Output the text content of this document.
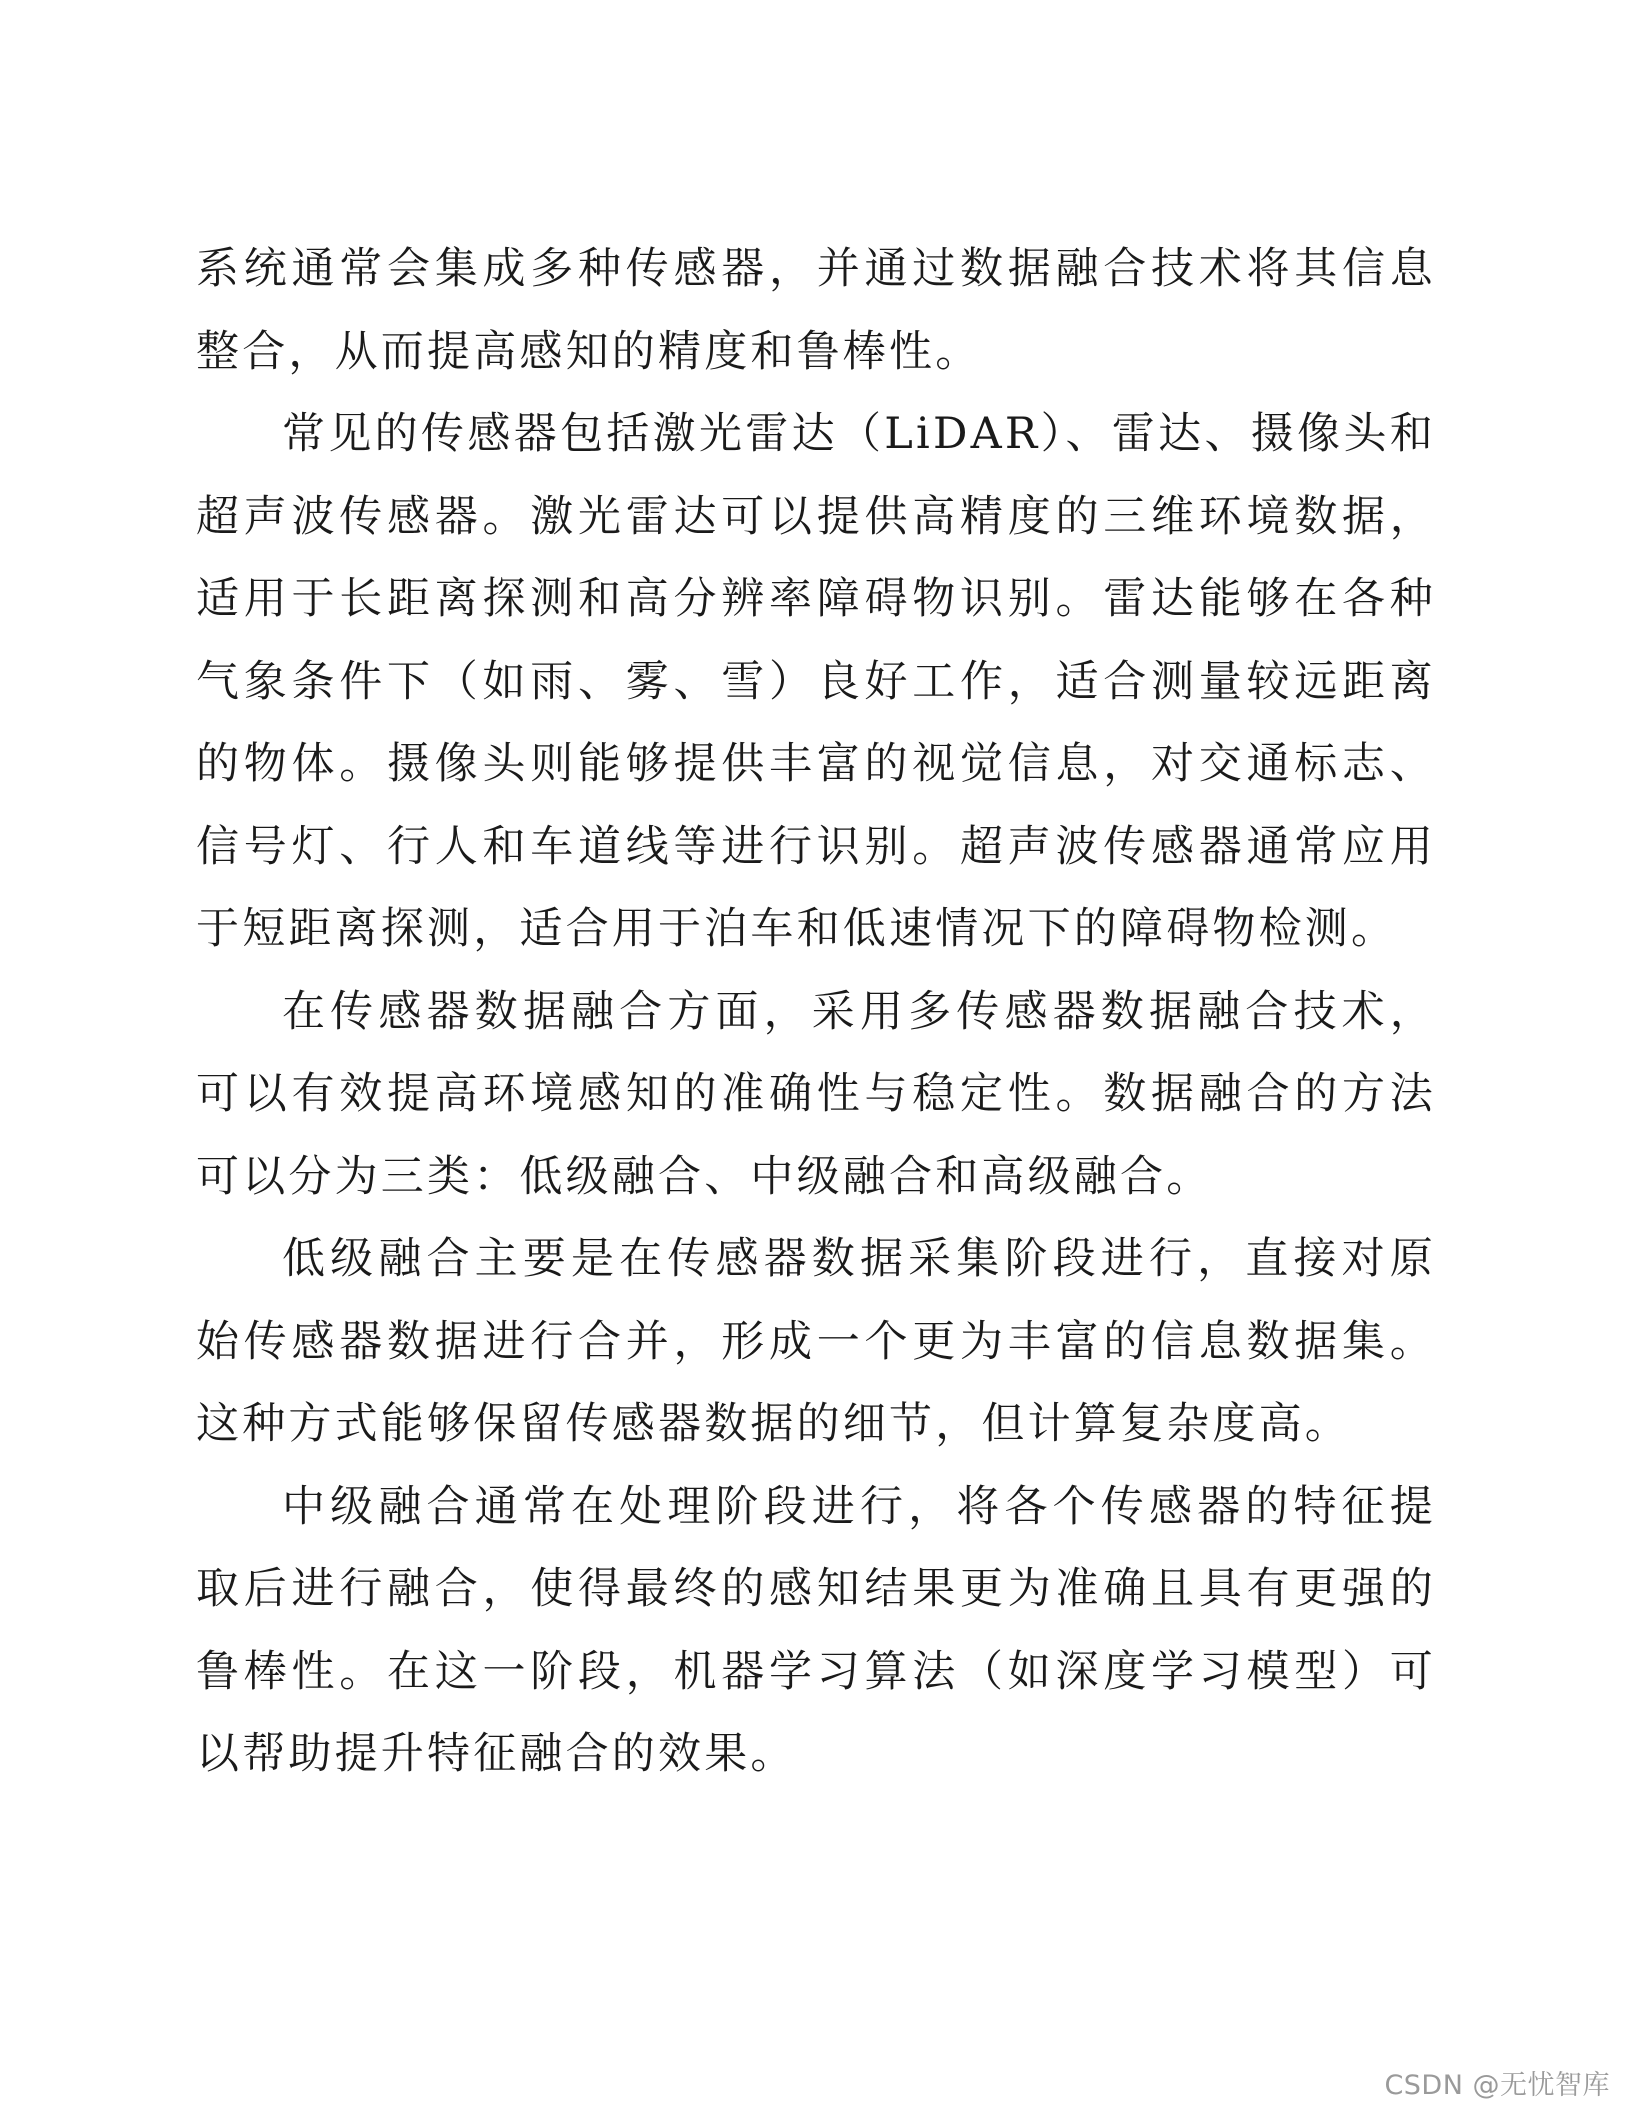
系统通常会集成多种传感器，并通过数据融合技术将其信息整合，从而提高感知的精度和鲁棒性。

常见的传感器包括激光雷达（LiDAR）、雷达、摄像头和超声波传感器。激光雷达可以提供高精度的三维环境数据，适用于长距离探测和高分辨率障碍物识别。雷达能够在各种气象条件下（如雨、雾、雪）良好工作，适合测量较远距离的物体。摄像头则能够提供丰富的视觉信息，对交通标志、信号灯、行人和车道线等进行识别。超声波传感器通常应用于短距离探测，适合用于泊车和低速情况下的障碍物检测。

在传感器数据融合方面，采用多传感器数据融合技术，可以有效提高环境感知的准确性与稳定性。数据融合的方法可以分为三类：低级融合、中级融合和高级融合。

低级融合主要是在传感器数据采集阶段进行，直接对原始传感器数据进行合并，形成一个更为丰富的信息数据集。这种方式能够保留传感器数据的细节，但计算复杂度高。

中级融合通常在处理阶段进行，将各个传感器的特征提取后进行融合，使得最终的感知结果更为准确且具有更强的鲁棒性。在这一阶段，机器学习算法（如深度学习模型）可以帮助提升特征融合的效果。

CSDN @无忧智库
